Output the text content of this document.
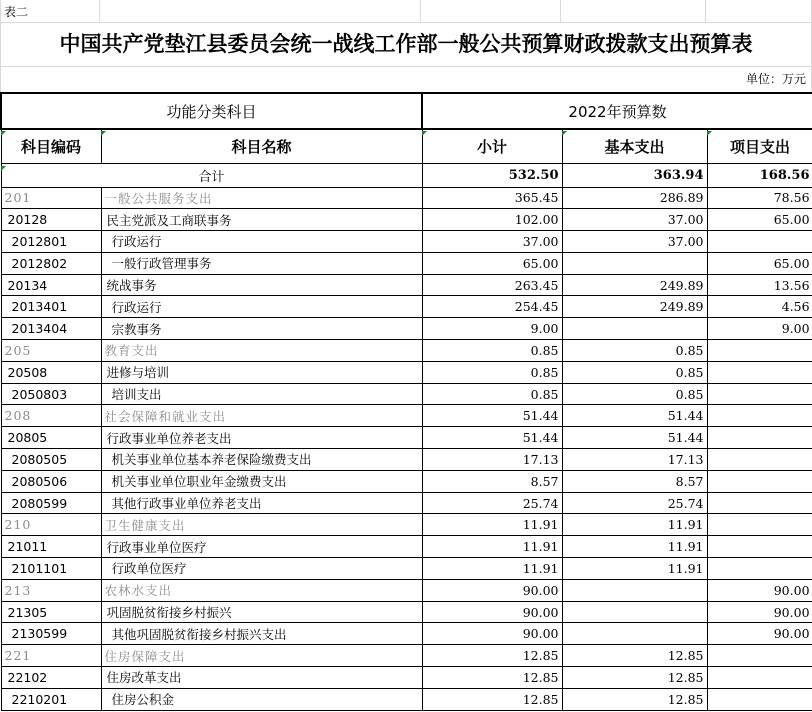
表二
中国共产党垫江县委员会统一战线工作部一般公共预算财政拨款支出预算表
单位：万元
功能分类科目		2022年预算数		
科目编码	科目名称	小计	基本支出	项目支出
合计		532.50	363.94	168.56
201	一般公共服务支出	365.45	286.89	78.56
20128	民主党派及工商联事务	102.00	37.00	65.00
2012801	行政运行	37.00	37.00	
2012802	一般行政管理事务	65.00		65.00
20134	统战事务	263.45	249.89	13.56
2013401	行政运行	254.45	249.89	4.56
2013404	宗教事务	9.00		9.00
205	教育支出	0.85	0.85	
20508	进修与培训	0.85	0.85	
2050803	培训支出	0.85	0.85	
208	社会保障和就业支出	51.44	51.44	
20805	行政事业单位养老支出	51.44	51.44	
2080505	机关事业单位基本养老保险缴费支出	17.13	17.13	
2080506	机关事业单位职业年金缴费支出	8.57	8.57	
2080599	其他行政事业单位养老支出	25.74	25.74	
210	卫生健康支出	11.91	11.91	
21011	行政事业单位医疗	11.91	11.91	
2101101	行政单位医疗	11.91	11.91	
213	农林水支出	90.00		90.00
21305	巩固脱贫衔接乡村振兴	90.00		90.00
2130599	其他巩固脱贫衔接乡村振兴支出	90.00		90.00
221	住房保障支出	12.85	12.85	
22102	住房改革支出	12.85	12.85	
2210201	住房公积金	12.85	12.85	
